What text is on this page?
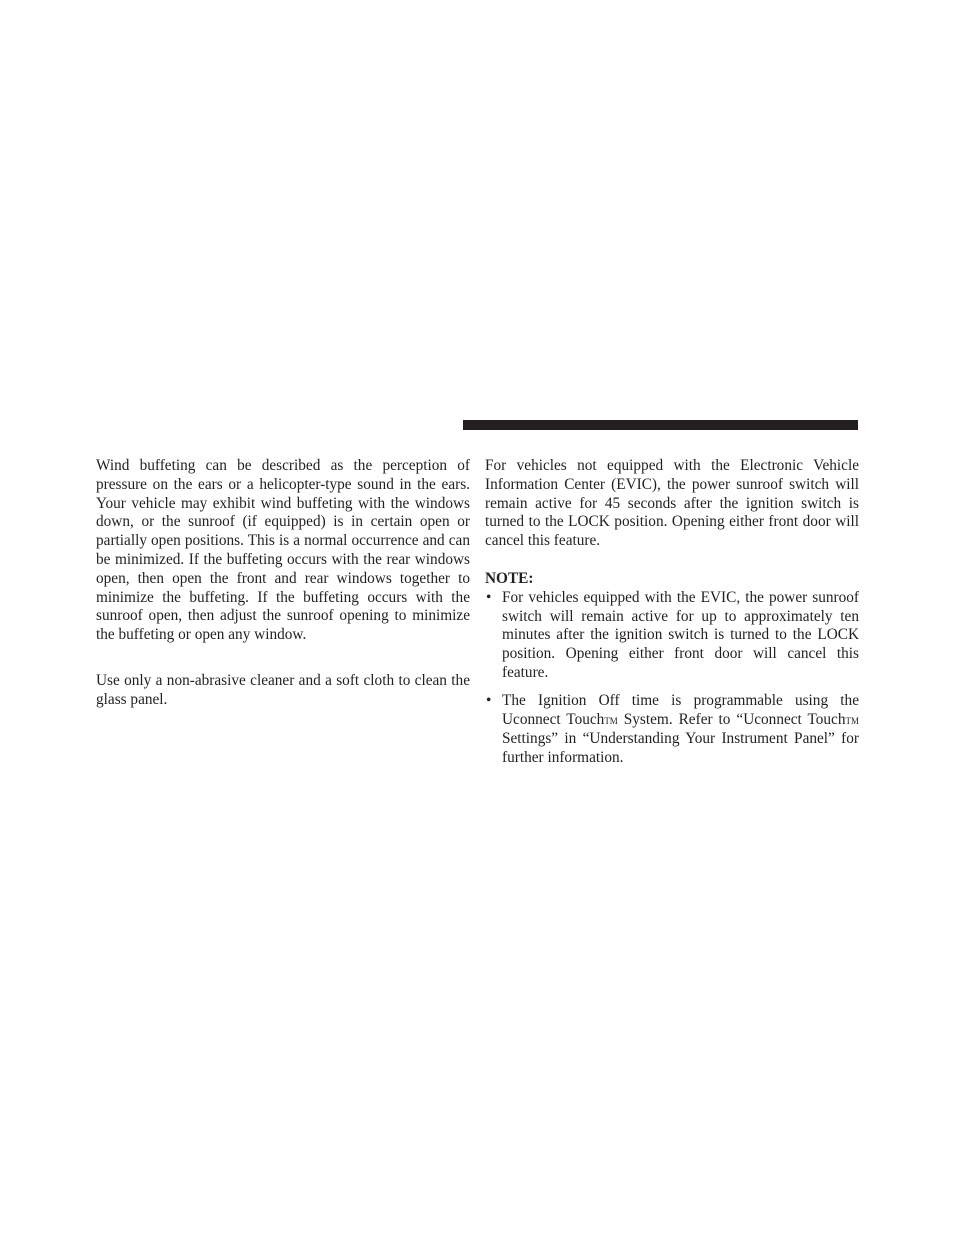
Wind buffeting can be described as the perception of pressure on the ears or a helicopter-type sound in the ears. Your vehicle may exhibit wind buffeting with the windows down, or the sunroof (if equipped) is in certain open or partially open positions. This is a normal occurrence and can be minimized. If the buffeting occurs with the rear windows open, then open the front and rear windows together to minimize the buffeting. If the buffeting occurs with the sunroof open, then adjust the sunroof opening to minimize the buffeting or open any window.

Use only a non-abrasive cleaner and a soft cloth to clean the glass panel.

For vehicles not equipped with the Electronic Vehicle Information Center (EVIC), the power sunroof switch will remain active for 45 seconds after the ignition switch is turned to the LOCK position. Opening either front door will cancel this feature.

NOTE:

• For vehicles equipped with the EVIC, the power sunroof switch will remain active for up to approximately ten minutes after the ignition switch is turned to the LOCK position. Opening either front door will cancel this feature.
• The Ignition Off time is programmable using the Uconnect TouchTM System. Refer to “Uconnect TouchTM Settings” in “Understanding Your Instrument Panel” for further information.
